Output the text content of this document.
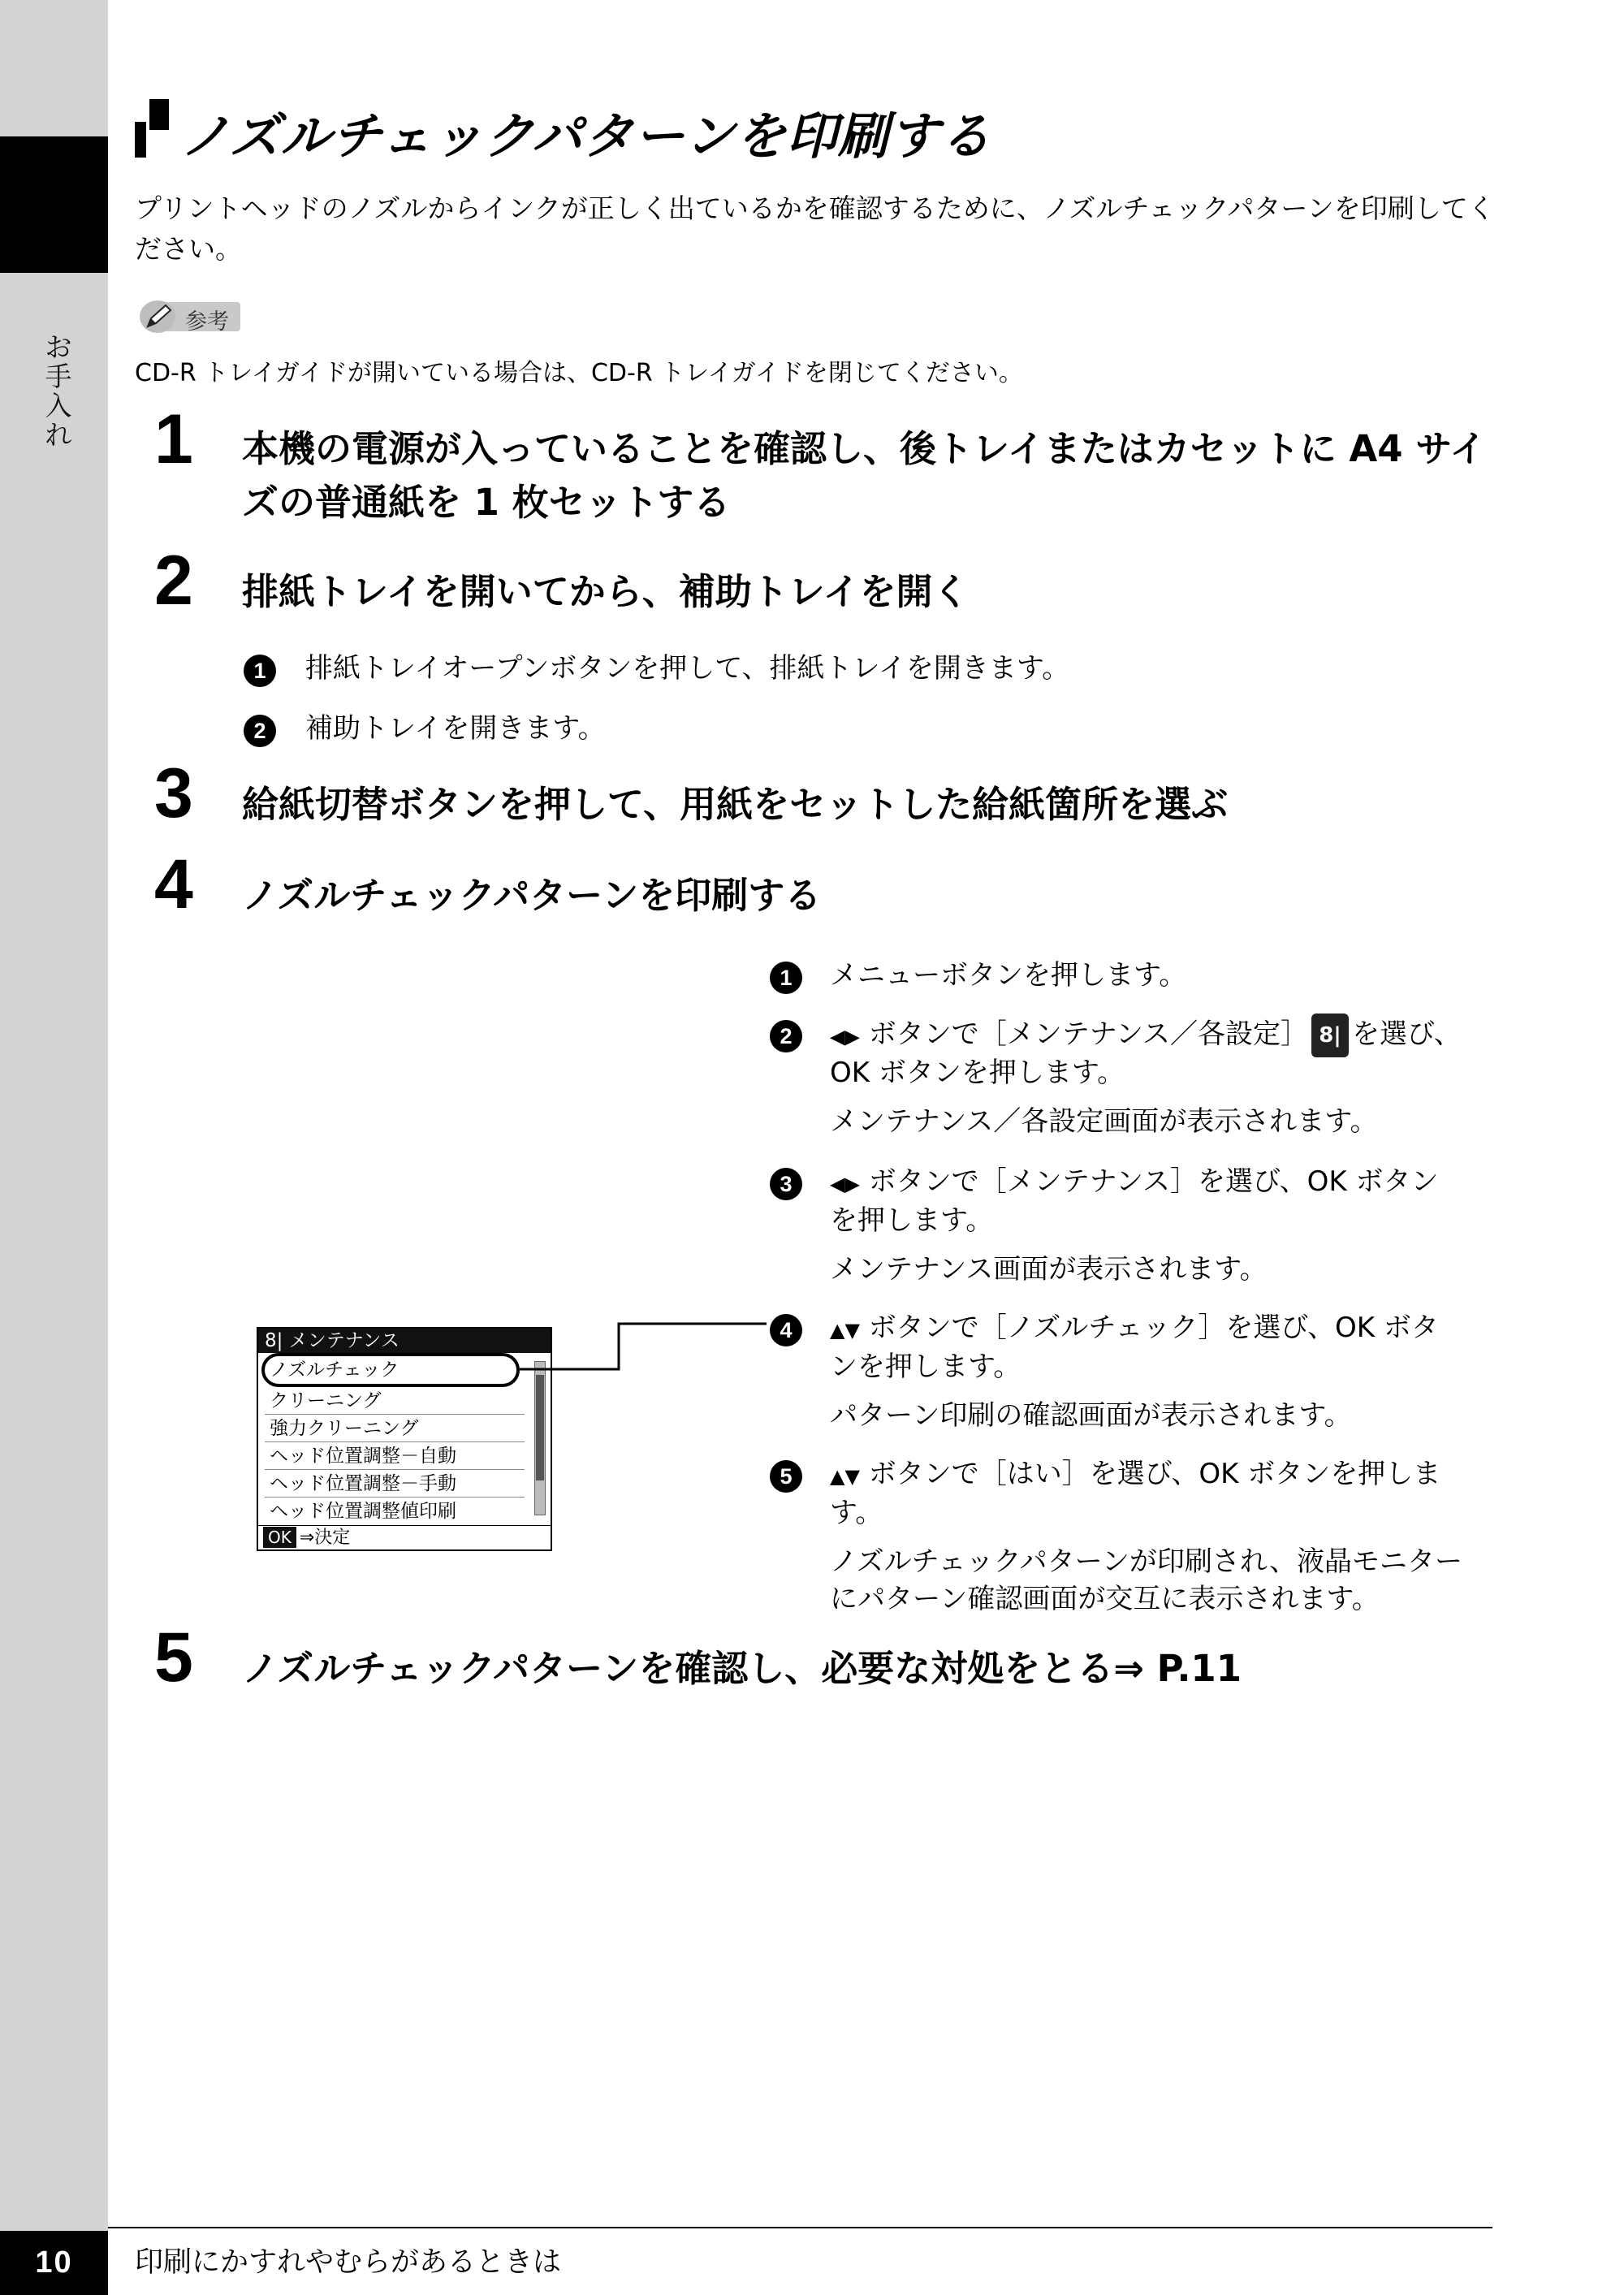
お
手
入
れ
ノズルチェックパターンを印刷する
プリントヘッドのノズルからインクが正しく出ているかを確認するために、ノズルチェックパターンを印刷してください。
参考
CD-R トレイガイドが開いている場合は、CD-R トレイガイドを閉じてください。
1 本機の電源が入っていることを確認し、後トレイまたはカセットに A4 サイズの普通紙を 1 枚セットする
2 排紙トレイを開いてから、補助トレイを開く
1	排紙トレイオープンボタンを押して、排紙トレイを開きます。
2	補助トレイを開きます。
3 給紙切替ボタンを押して、用紙をセットした給紙箇所を選ぶ
4 ノズルチェックパターンを印刷する
1	メニューボタンを押します。
2	◀▶ ボタンで［メンテナンス／各設定］ 8| を選び、
OK ボタンを押します。
メンテナンス／各設定画面が表示されます。
3	◀▶ ボタンで［メンテナンス］を選び、OK ボタン
を押します。
メンテナンス画面が表示されます。
4	▲▼ ボタンで［ノズルチェック］を選び、OK ボタ
ンを押します。
パターン印刷の確認画面が表示されます。
5	▲▼ ボタンで［はい］を選び、OK ボタンを押しま
す。
ノズルチェックパターンが印刷され、液晶モニター
にパターン確認画面が交互に表示されます。
8| メンテナンス
ノズルチェック
クリーニング
強力クリーニング
ヘッド位置調整－自動
ヘッド位置調整－手動
ヘッド位置調整値印刷
OK ⇒決定
5 ノズルチェックパターンを確認し、必要な対処をとる⇒ P.11
10	印刷にかすれやむらがあるときは
